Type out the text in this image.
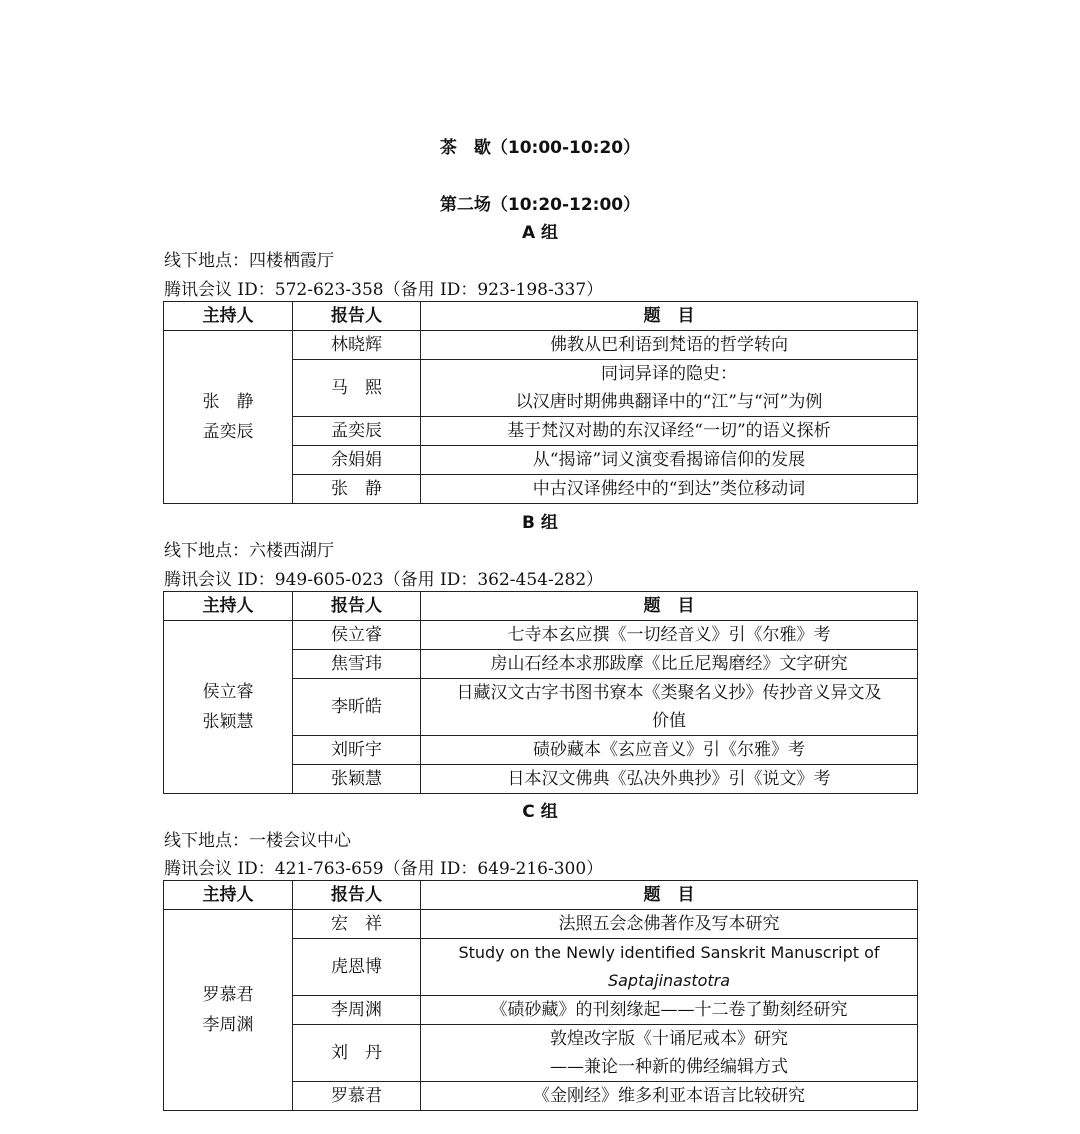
茶　歇（10:00-10:20）
第二场（10:20-12:00）
A 组
线下地点：四楼栖霞厅
腾讯会议 ID：572-623-358（备用 ID：923-198-337）
主持人	报告人	题　目

张　静
孟奕辰	林晓辉	佛教从巴利语到梵语的哲学转向

	马　熙	同词异译的隐史：
以汉唐时期佛典翻译中的“江”与“河”为例

	孟奕辰	基于梵汉对勘的东汉译经“一切”的语义探析

	余娟娟	从“揭谛”词义演变看揭谛信仰的发展

	张　静	中古汉译佛经中的“到达”类位移动词
B 组
线下地点：六楼西湖厅
腾讯会议 ID：949-605-023（备用 ID：362-454-282）
主持人	报告人	题　目

侯立睿
张颖慧	侯立睿	七寺本玄应撰《一切经音义》引《尔雅》考

	焦雪玮	房山石经本求那跋摩《比丘尼羯磨经》文字研究

	李昕皓	日藏汉文古字书图书寮本《类聚名义抄》传抄音义异文及
价值

	刘昕宇	碛砂藏本《玄应音义》引《尔雅》考

	张颖慧	日本汉文佛典《弘决外典抄》引《说文》考
C 组
线下地点：一楼会议中心
腾讯会议 ID：421-763-659（备用 ID：649-216-300）
主持人	报告人	题　目

罗慕君
李周渊	宏　祥	法照五会念佛著作及写本研究

	虎恩博	Study on the Newly identified Sanskrit Manuscript of
Saptajinastotra

	李周渊	《碛砂藏》的刊刻缘起——十二卷了勤刻经研究

	刘　丹	敦煌改字版《十诵尼戒本》研究
——兼论一种新的佛经编辑方式

	罗慕君	《金刚经》维多利亚本语言比较研究
